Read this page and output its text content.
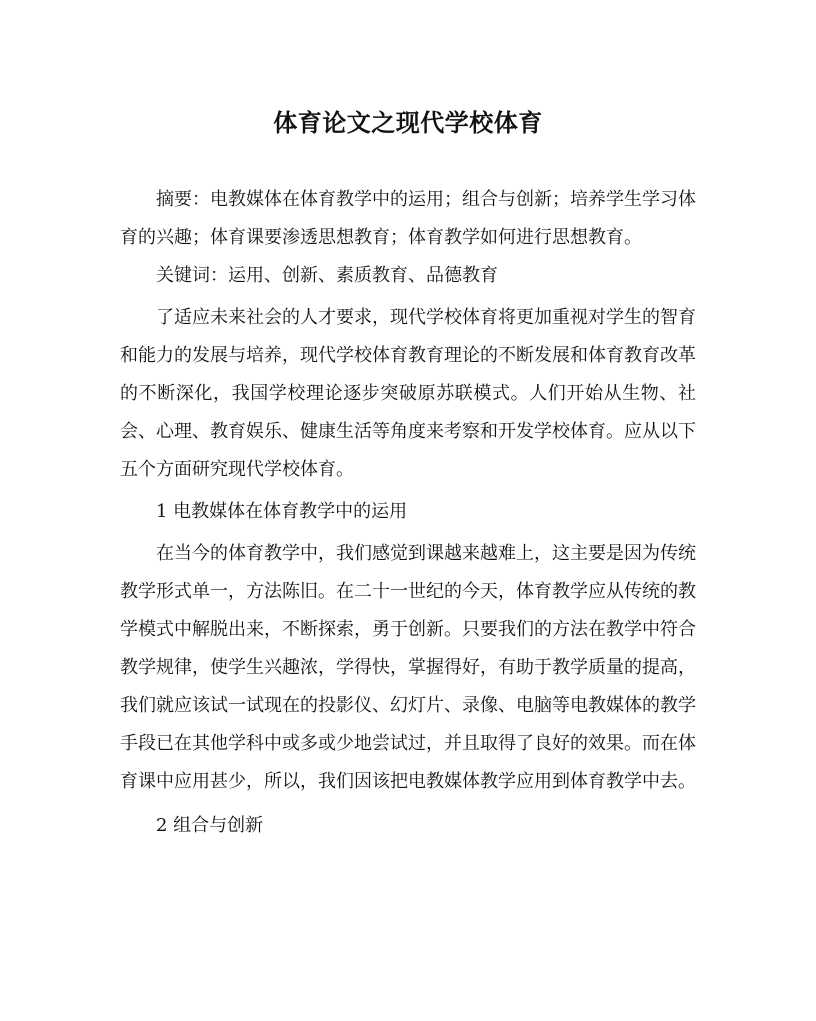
体育论文之现代学校体育

摘要：电教媒体在体育教学中的运用；组合与创新；培养学生学习体育的兴趣；体育课要渗透思想教育；体育教学如何进行思想教育。

关键词：运用、创新、素质教育、品德教育

了适应未来社会的人才要求，现代学校体育将更加重视对学生的智育和能力的发展与培养，现代学校体育教育理论的不断发展和体育教育改革的不断深化，我国学校理论逐步突破原苏联模式。人们开始从生物、社会、心理、教育娱乐、健康生活等角度来考察和开发学校体育。应从以下五个方面研究现代学校体育。

1 电教媒体在体育教学中的运用

在当今的体育教学中，我们感觉到课越来越难上，这主要是因为传统教学形式单一，方法陈旧。在二十一世纪的今天，体育教学应从传统的教学模式中解脱出来，不断探索，勇于创新。只要我们的方法在教学中符合教学规律，使学生兴趣浓，学得快，掌握得好，有助于教学质量的提高，我们就应该试一试现在的投影仪、幻灯片、录像、电脑等电教媒体的教学手段已在其他学科中或多或少地尝试过，并且取得了良好的效果。而在体育课中应用甚少，所以，我们因该把电教媒体教学应用到体育教学中去。

2 组合与创新
